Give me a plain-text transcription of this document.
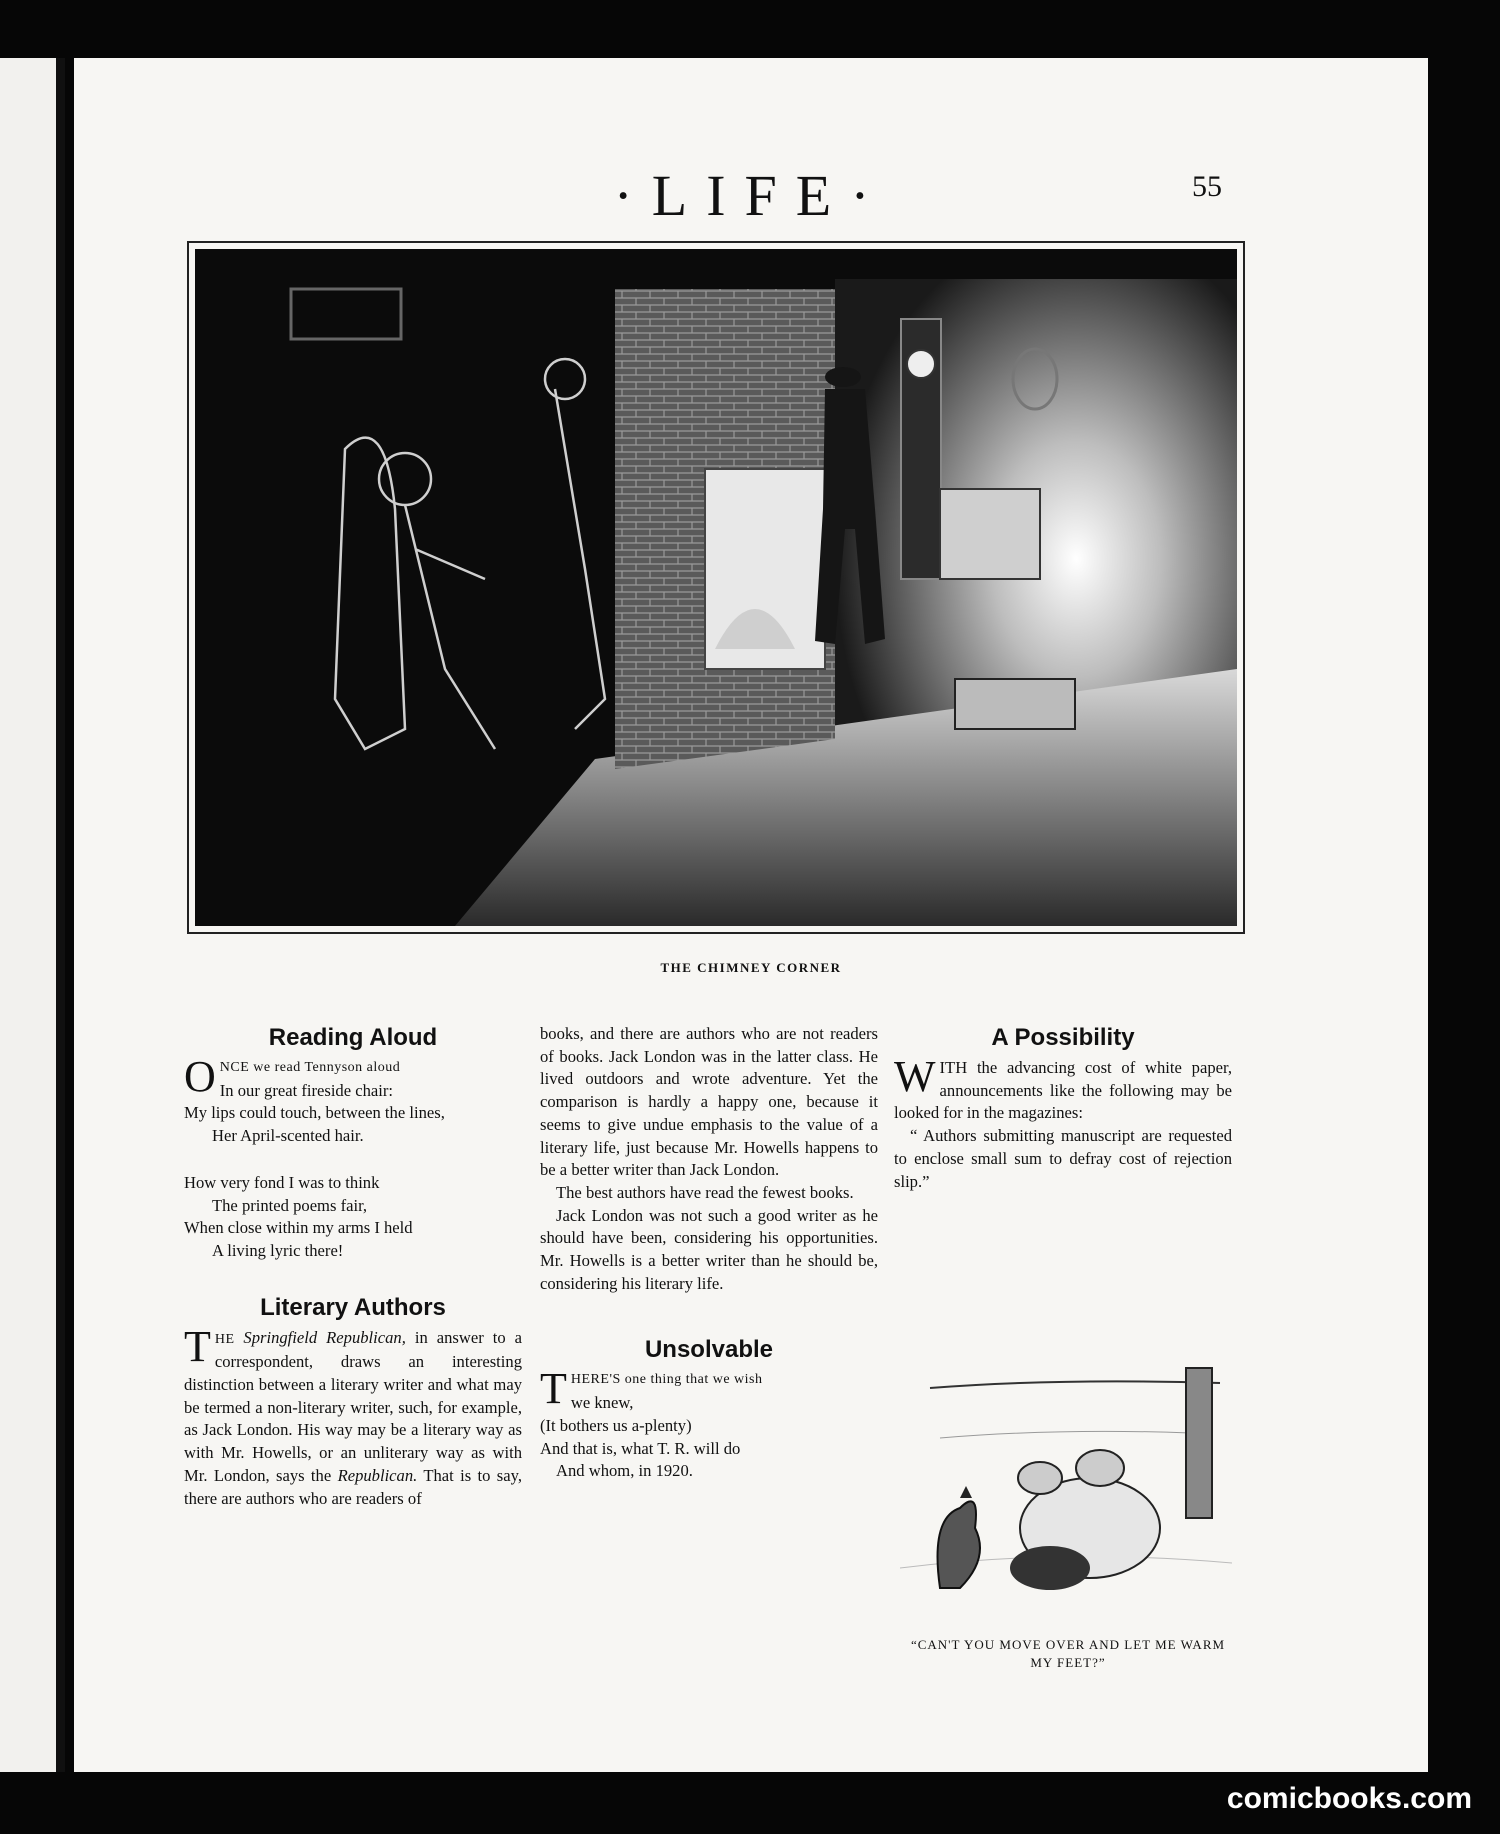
·LIFE·	55
THE CHIMNEY CORNER
Reading Aloud
O NCE we read Tennyson aloud

In our great fireside chair:

My lips could touch, between the lines,

Her April-scented hair.

How very fond I was to think

The printed poems fair,

When close within my arms I held

A living lyric there!

Literary Authors

THE Springfield Republican, in answer to a correspondent, draws an interesting distinction between a literary writer and what may be termed a non-literary writer, such, for example, as Jack London. His way may be a literary way as with Mr. Howells, or an unliterary way as with Mr. London, says the Republican. That is to say, there are authors who are readers of

books, and there are authors who are not readers of books. Jack London was in the latter class. He lived outdoors and wrote adventure. Yet the comparison is hardly a happy one, because it seems to give undue emphasis to the value of a literary life, just because Mr. Howells happens to be a better writer than Jack London.

The best authors have read the fewest books.

Jack London was not such a good writer as he should have been, considering his opportunities. Mr. Howells is a better writer than he should be, considering his literary life.

Unsolvable
T HERE'S one thing that we wish

we knew,

(It bothers us a-plenty)

And that is, what T. R. will do

And whom, in 1920.

A Possibility

WITH the advancing cost of white paper, announcements like the following may be looked for in the magazines:

“ Authors submitting manuscript are requested to enclose small sum to defray cost of rejection slip.”

“CAN'T YOU MOVE OVER AND LET ME WARM MY FEET?”
comicbooks.com
